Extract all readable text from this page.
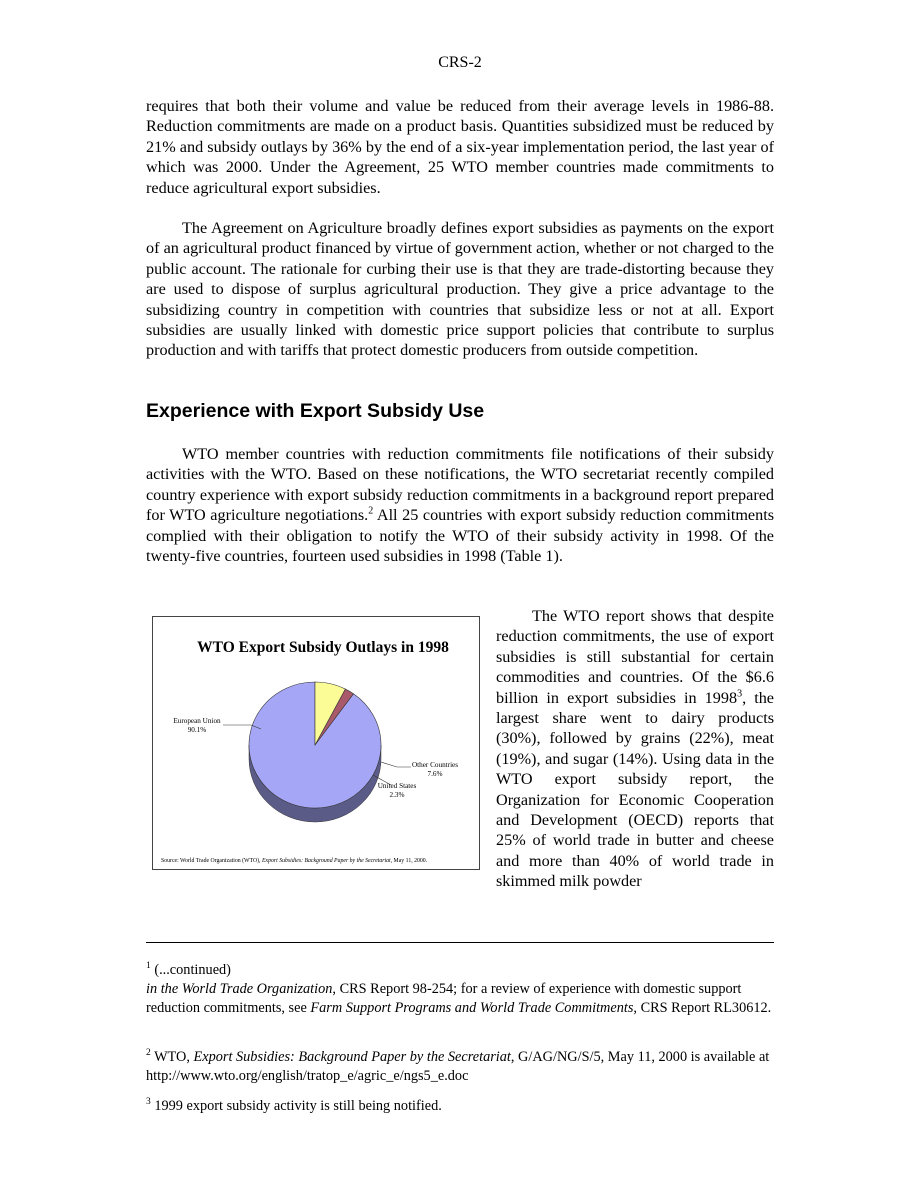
CRS-2

requires that both their volume and value be reduced from their average levels in 1986-88. Reduction commitments are made on a product basis. Quantities subsidized must be reduced by 21% and subsidy outlays by 36% by the end of a six-year implementation period, the last year of which was 2000. Under the Agreement, 25 WTO member countries made commitments to reduce agricultural export subsidies.

The Agreement on Agriculture broadly defines export subsidies as payments on the export of an agricultural product financed by virtue of government action, whether or not charged to the public account. The rationale for curbing their use is that they are trade-distorting because they are used to dispose of surplus agricultural production. They give a price advantage to the subsidizing country in competition with countries that subsidize less or not at all. Export subsidies are usually linked with domestic price support policies that contribute to surplus production and with tariffs that protect domestic producers from outside competition.

Experience with Export Subsidy Use

WTO member countries with reduction commitments file notifications of their subsidy activities with the WTO. Based on these notifications, the WTO secretariat recently compiled country experience with export subsidy reduction commitments in a background report prepared for WTO agriculture negotiations.$^2$ All 25 countries with export subsidy reduction commitments complied with their obligation to notify the WTO of their subsidy activity in 1998. Of the twenty-five countries, fourteen used subsidies in 1998 (Table 1).

WTO Export Subsidy Outlays in 1998
European Union
90.1%
Other Countries
7.6%
United States
2.3%
Source: World Trade Organization (WTO), Export Subsidies: Background Paper by the Secretariat, May 11, 2000.

The WTO report shows that despite reduction commitments, the use of export subsidies is still substantial for certain commodities and countries. Of the $6.6 billion in export subsidies in 1998$^3$, the largest share went to dairy products (30%), followed by grains (22%), meat (19%), and sugar (14%). Using data in the WTO export subsidy report, the Organization for Economic Cooperation and Development (OECD) reports that 25% of world trade in butter and cheese and more than 40% of world trade in skimmed milk powder

$^1$ (...continued)

in the World Trade Organization, CRS Report 98-254; for a review of experience with domestic support reduction commitments, see Farm Support Programs and World Trade Commitments, CRS Report RL30612.

$^2$ WTO, Export Subsidies: Background Paper by the Secretariat, G/AG/NG/S/5, May 11, 2000 is available at http://www.wto.org/english/tratop_e/agric_e/ngs5_e.doc

$^3$ 1999 export subsidy activity is still being notified.
